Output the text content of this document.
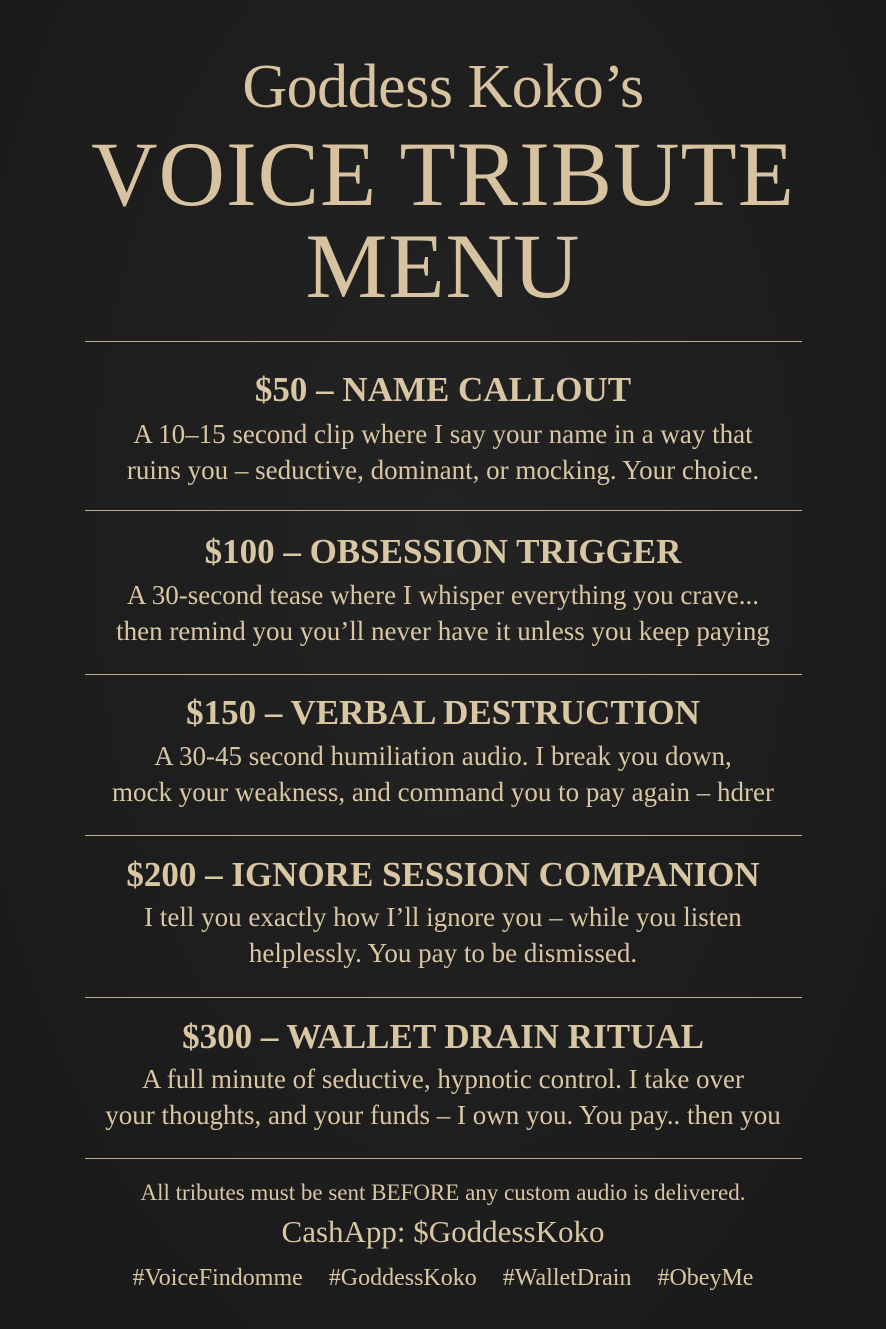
Goddess Koko’s
VOICE TRIBUTE
MENU
$50 – NAME CALLOUT
A 10–15 second clip where I say your name in a way that
ruins you – seductive, dominant, or mocking. Your choice.
$100 – OBSESSION TRIGGER
A 30-second tease where I whisper everything you crave...
then remind you you’ll never have it unless you keep paying
$150 – VERBAL DESTRUCTION
A 30-45 second humiliation audio. I break you down,
mock your weakness, and command you to pay again – hdrer
$200 – IGNORE SESSION COMPANION
I tell you exactly how I’ll ignore you – while you listen
helplessly. You pay to be dismissed.
$300 – WALLET DRAIN RITUAL
A full minute of seductive, hypnotic control. I take over
your thoughts, and your funds – I own you. You pay.. then you
All tributes must be sent BEFORE any custom audio is delivered.
CashApp: $GoddessKoko
#VoiceFindomme #GoddessKoko #WalletDrain #ObeyMe
